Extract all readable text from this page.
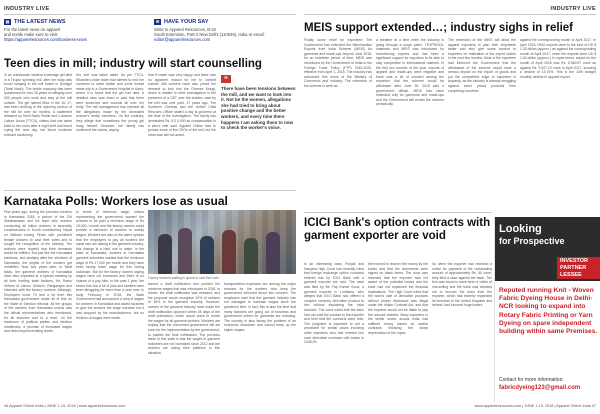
INDUSTRY LIVE
▤ THE LATEST NEWS

For the latest news on apparel

and textile make sure to visit:

https://apparelresources.com/business-news

✉ HAVE YOUR SAY

Write to Apparel Resources, B-32

South Extension, Part-2 New Delhi (110049), India or email:

editor@apparelresources.com

Teen dies in mill; industry will start counselling
In an unfortunate incident a teenage girl died in a Tirupur spinning mill, after her body was found hanging in the mill hostel in Dindigul (Tamil Nadu). The textile company has been questioned for over 18 years on alleging over 300 people who work and stay at the mill outside. The girl named Miss in the 16, 17, had been working in the spinning section of the mill for over six months. A statement released by Tamil Nadu Textile and Common Labour Union (TTCU), claims that she came back to her room after a night shift and found crying the next day; but blood evidence relevant scratching
her, she was taken aside. As per TTCU, Silvanite's elder sister had alerted to end her concerns to come earlier and some thread made city to a Government Hospital in Karur, where it is found that the girl had died. A detailed case was down in said that there were scratches and wounds all over her body. The mill management has rejected all the allegations made by the deceased woman's family members. On the contrary, they allege that sometimes the young girl hang herself. However, her family has confirmed the claims, saying
that N made was very happy and there was no apparent reason for her to commit suicide. Mill workers have also joined the demand to look into the Chinese Mungi, which is related to strict investigation in the presence of a CBT over the sudden case by the mill was over paid. 17 years ago. The Southern Chennai and the United Child Rescue's Officer stated a day is groomed at the time of the investigation. The family has demanded Rs. 5,0 0,000 as compensation in a who's wife said. Apparel Online tries to peruse some of the CEOs of the mill, but the show was still not acted.
“
There have been tensions between the mill, and we want to look into it. Not be the women, allegations she had tried to bring about positive change and the better workers, and every time there happens I am asking them to now to check the worker's voice.
Karnataka Polls: Workers lose as usual
Few years ago, during the previous election in Karnataka 2018, a picture of the CM Siddaramaiah and his team who workers conducting all tuition workers in assembly constituencies in South constituency Nepal on Bidhani having Finals with prominent female workers to cast their votes and to sought the recognition of the industry. The workers were hopeful that their demands would be fulfilled. But just like the Karnataka elections, and similarly after the elections of Karnataka, the plights of the workers got unfulfilled. Now four years later, in Tamil Nadu, the garment workers of Karnataka have also expected at a special meeting by all their leading state factions, Mr. Ramu Vettom of Labour Uniform, Rangarajan and informed with the factory workers. Although, Employers know 70 and a lot from this Karnataka government made all of this on the State of Election tribunal. All the groups of the workers from Karnataka unions was the official representatives who mentioned, for all factories and to a level, on the maximum of political parties and election manifestos, a promise of increased wages and hikes beyond existing levels.
In terms of minimum wage, unions representing the government wanted the workers to be paid a minimum wage of Rs 18,000 / month and the factory owners could provide a minimum of workers to mainly wages. Workers are also of the same opinion that the employers to pay all workers the same rate are asking in the garment industry, this change is a hard one to make. In the state of Karnataka, workers in Karnataka garment industries wanted that the minimum wage of Rs 17,000 per month and they have been facing lower wage for this during lockdown. But for the factory owners saying wages have not increased and there is no chance of a pay hike. In the past 1 year, the sector has lost a lot of jobs and families have been struggling for more than a year now. In early February in 2018, the State Government had announced a drop in wages for workers in Karnataka and asked factories to give the workers the wage increase but it was stopped by the manufacturers, but no revision of wages were made.
Factory workers waiting in queue to cast their vote
issued a draft notification and pointed the minimum wages that was introduced in 2018. In March, the draft notification was released, and the proposal would recognise 10% of workers of 45% in the garment industry. However, owners of the garment industry have made the draft notification opposed within 45 days of the draft publication, which would claim to revise the wages for all garment workers. Workers are hoping that the concerned government will act soon for the implementation by the government, to publish the final notification. The previous issue in this state is that the wages in garment industries are not increased since 2012 and the workers are losing their patience in this situation.
transportation expenses are among the major reasons for the workers who keep the government informed about this concern. The employers said that the garment industry has not managed to increase wages since the pandemic time. In fact, this is also the time that many factories are going out of business and government orders for garments are reducing. The country is also facing the problem of an economic slowdown and cannot keep up the higher wages.
46 Apparel Online India | JUNE 1-15, 2018 | www.apparelresources.com
INDUSTRY LIVE
MEIS support extended…; industry sighs in relief
Finally some relief for exporters! The Government has extended the Merchandise Exports from India Scheme (MEIS) for garments and made-ups beyond June 2018, for an indefinite period of time. MEIS was introduced by the Government of India in the Foreign Trade Policy (FTP) 2015-2020, effective from April 1, 2015. The industry has welcomed this move of the Ministry of Commerce and Industry. The extension of the scheme is seen as
a breather at a time when the industry is going through a rough patch. TEXPROCIL chairman and MEIS was introduced for incentivising exports and has been a significant support for exporters to be able to stay competitive in international markets. In the first two months of the year, exports of apparel and made-ups were negative and there was a lot of concern among the exporters that the scheme would be withdrawn after June 30, 2018 said a government official. MEIS has been extended only for garments and made-ups and the Government will review the scheme periodically.
The extension of the MEIS will allow the apparel exporters to plan their shipments better and also give some comfort to exporters on realization of the export orders in the next few months. Most of the exporters had informed the Government that the withdrawal of the scheme would have a serious impact on the export of goods and put the competitive edge of exporters in jeopardy, as the industry is already struggling against lower priced products from competing countries.
against the corresponding month of April 2017. In April 2018, RMG exports were to the tune of US $ 1.32 billion (approx.) as against the corresponding month of April 2017, when the exports were US $ 1.54 billion (approx.) In rupee terms, export for the month of April 2018 was Rs. 8,560.97 crore as against Rs. 9,927.24 crore in April 2017, showing a decline of 13.76%. This is the 10th straight monthly decline in apparel export.
ICICI Bank's option contracts with garment exporter are void
In an interesting case, Punjab and Haryana High Court has recently ruled that foreign exchange option contracts entered into by ICICI Bank with a garment exporter are void. The case was filed by Mr. Raj Kumar Sood, a garment exporter in Ludhiana, who alleged that ICICI Bank had offered a complex currency derivative product to him without explaining the risks involved. The court noted that the bank had mis-sold the product to the exporter and held that the contracts were void. The judgment is expected to set a precedent for similar cases involving other exporters who had entered into such derivative contracts with banks in 2008-09.
then forced to recover the money by the banks and that the documents were signed on blank forms. The court was informed that the exporter was not aware of the potential losses and the bank had not explained the financial implications. The High Court ruled that the bank's sale of derivative products without proper disclosure was illegal under the Indian Contract Act, and that the exporter would not be liable to pay the amount claimed. Many exporters in the textile sector across India had suffered heavy losses on similar contracts following the sharp depreciation of the rupee.
So when the exporter had received a notice for payment of the outstanding amount of approximately Rs. 50 crore, they filed a case against the bank. The firm was found to have been a victim of mis-selling and the bank was directed not to recover the dues from the exporter, which has recently expanded its business to the United Kingdom and Ireland, had incurred huge losses.
www.apparelresources.com | JUNE 1-15, 2018 | Apparel Online India 47
Looking
for Prospective
INVESTOR
PARTNER
LESSEE
Reputed running Knit - Woven Fabric Dyeing House in Delhi-NCR looking to expand into Rotary Fabric Printing or Yarn Dyeing on spare independent building within same Premises.
Contact for more information:
fabricdyeing123@gmail.com
